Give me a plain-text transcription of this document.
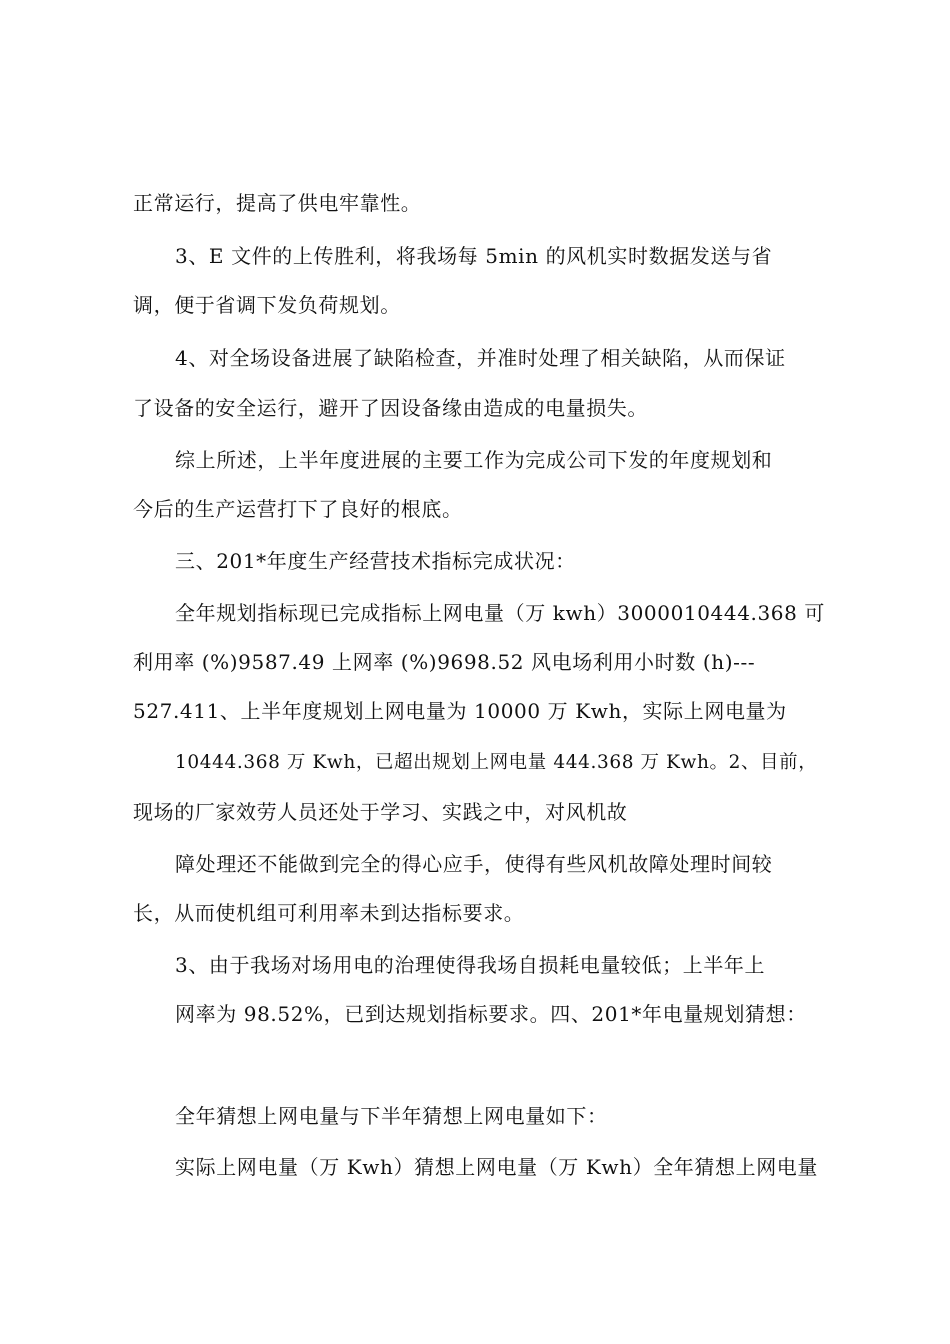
正常运行，提高了供电牢靠性。
3、E 文件的上传胜利，将我场每 5min 的风机实时数据发送与省
调，便于省调下发负荷规划。
4、对全场设备进展了缺陷检查，并准时处理了相关缺陷，从而保证
了设备的安全运行，避开了因设备缘由造成的电量损失。
综上所述，上半年度进展的主要工作为完成公司下发的年度规划和
今后的生产运营打下了良好的根底。
三、201*年度生产经营技术指标完成状况：
全年规划指标现已完成指标上网电量（万 kwh）3000010444.368 可
利用率 (%)9587.49 上网率 (%)9698.52 风电场利用小时数 (h)---
527.411、上半年度规划上网电量为 10000 万 Kwh，实际上网电量为
10444.368 万 Kwh，已超出规划上网电量 444.368 万 Kwh。2、目前，
现场的厂家效劳人员还处于学习、实践之中，对风机故
障处理还不能做到完全的得心应手，使得有些风机故障处理时间较
长，从而使机组可利用率未到达指标要求。
3、由于我场对场用电的治理使得我场自损耗电量较低；上半年上
网率为 98.52%，已到达规划指标要求。四、201*年电量规划猜想：
全年猜想上网电量与下半年猜想上网电量如下：
实际上网电量（万 Kwh）猜想上网电量（万 Kwh）全年猜想上网电量
